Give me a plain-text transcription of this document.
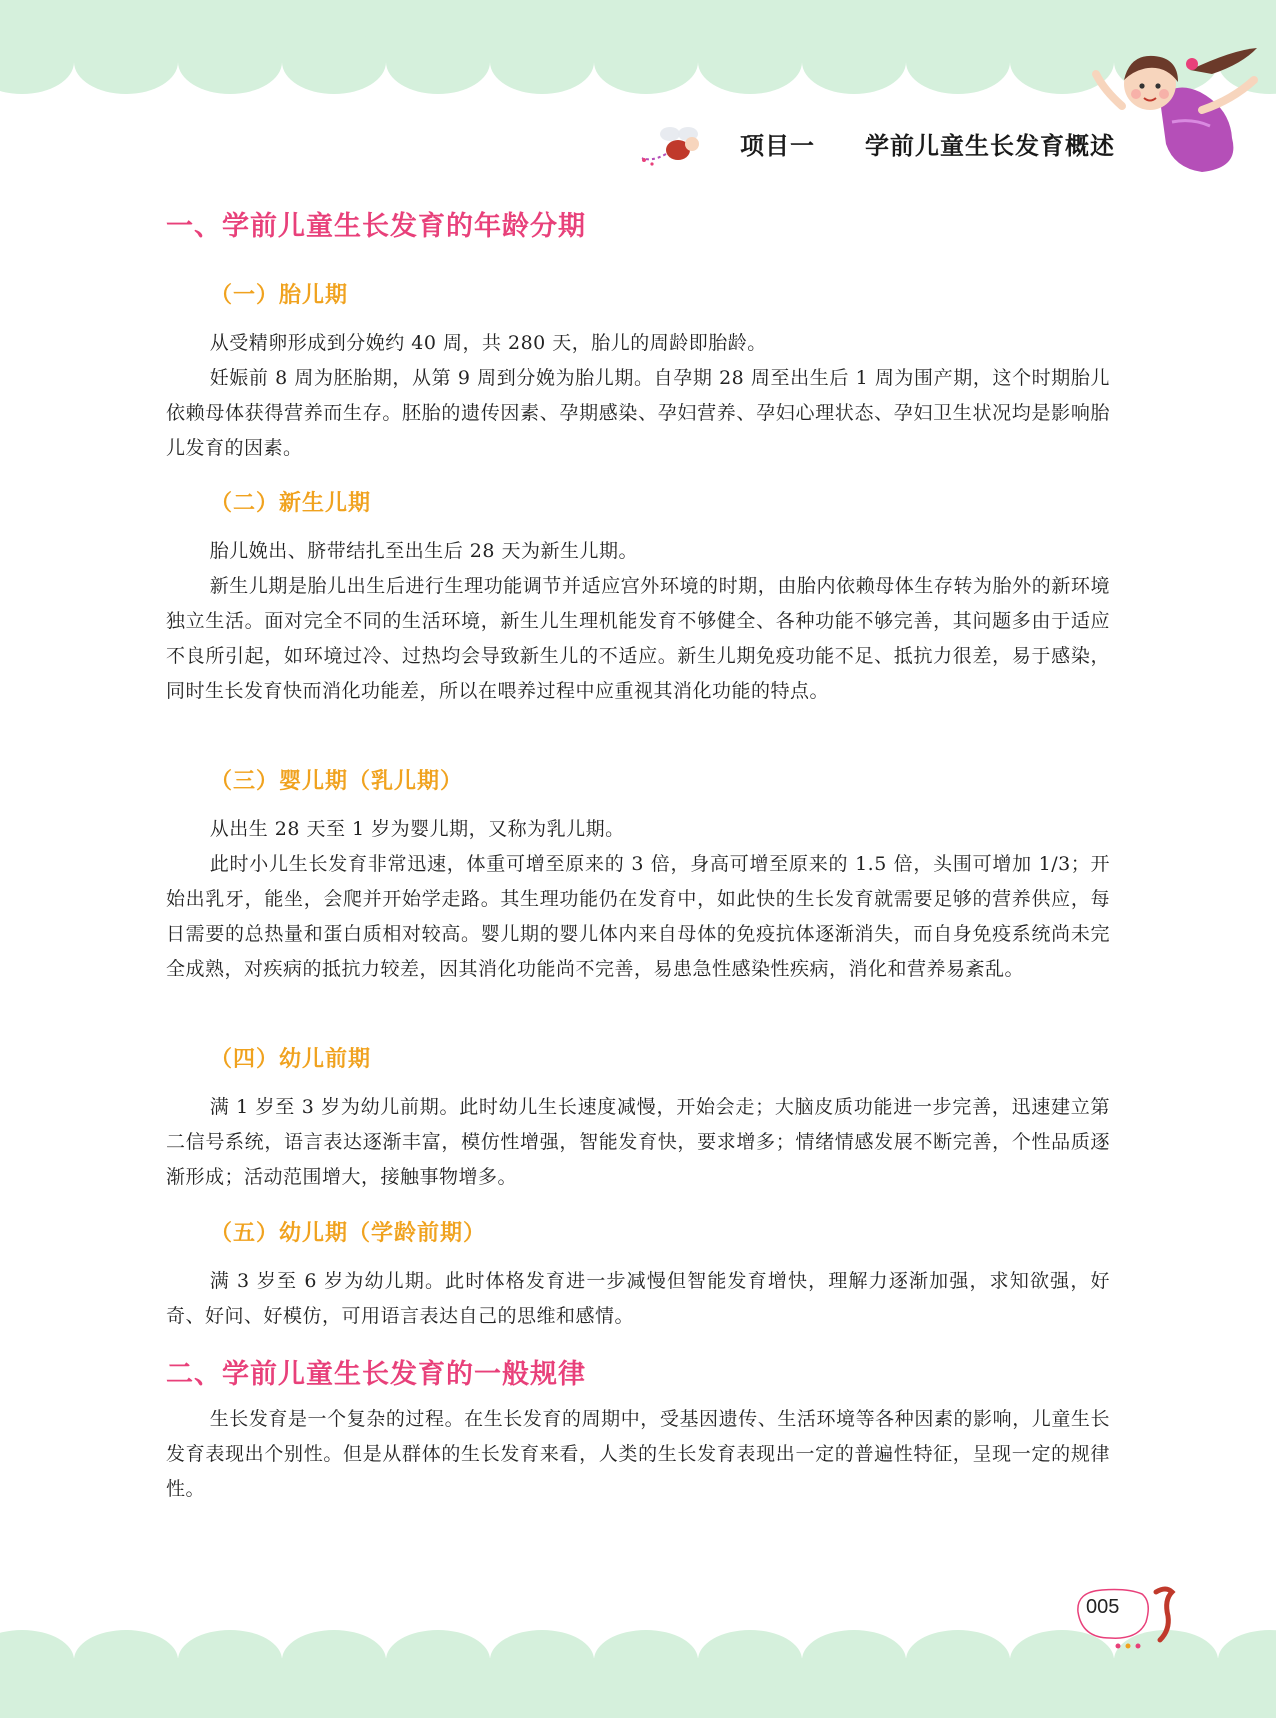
项目一 学前儿童生长发育概述
一、学前儿童生长发育的年龄分期
（一）胎儿期

从受精卵形成到分娩约 40 周，共 280 天，胎儿的周龄即胎龄。

妊娠前 8 周为胚胎期，从第 9 周到分娩为胎儿期。自孕期 28 周至出生后 1 周为围产期，这个时期胎儿依赖母体获得营养而生存。胚胎的遗传因素、孕期感染、孕妇营养、孕妇心理状态、孕妇卫生状况均是影响胎儿发育的因素。

（二）新生儿期

胎儿娩出、脐带结扎至出生后 28 天为新生儿期。

新生儿期是胎儿出生后进行生理功能调节并适应宫外环境的时期，由胎内依赖母体生存转为胎外的新环境独立生活。面对完全不同的生活环境，新生儿生理机能发育不够健全、各种功能不够完善，其问题多由于适应不良所引起，如环境过冷、过热均会导致新生儿的不适应。新生儿期免疫功能不足、抵抗力很差，易于感染，同时生长发育快而消化功能差，所以在喂养过程中应重视其消化功能的特点。

（三）婴儿期（乳儿期）

从出生 28 天至 1 岁为婴儿期，又称为乳儿期。

此时小儿生长发育非常迅速，体重可增至原来的 3 倍，身高可增至原来的 1.5 倍，头围可增加 1/3；开始出乳牙，能坐，会爬并开始学走路。其生理功能仍在发育中，如此快的生长发育就需要足够的营养供应，每日需要的总热量和蛋白质相对较高。婴儿期的婴儿体内来自母体的免疫抗体逐渐消失，而自身免疫系统尚未完全成熟，对疾病的抵抗力较差，因其消化功能尚不完善，易患急性感染性疾病，消化和营养易紊乱。

（四）幼儿前期

满 1 岁至 3 岁为幼儿前期。此时幼儿生长速度减慢，开始会走；大脑皮质功能进一步完善，迅速建立第二信号系统，语言表达逐渐丰富，模仿性增强，智能发育快，要求增多；情绪情感发展不断完善，个性品质逐渐形成；活动范围增大，接触事物增多。

（五）幼儿期（学龄前期）

满 3 岁至 6 岁为幼儿期。此时体格发育进一步减慢但智能发育增快，理解力逐渐加强，求知欲强，好奇、好问、好模仿，可用语言表达自己的思维和感情。

二、学前儿童生长发育的一般规律

生长发育是一个复杂的过程。在生长发育的周期中，受基因遗传、生活环境等各种因素的影响，儿童生长发育表现出个别性。但是从群体的生长发育来看，人类的生长发育表现出一定的普遍性特征，呈现一定的规律性。

005
